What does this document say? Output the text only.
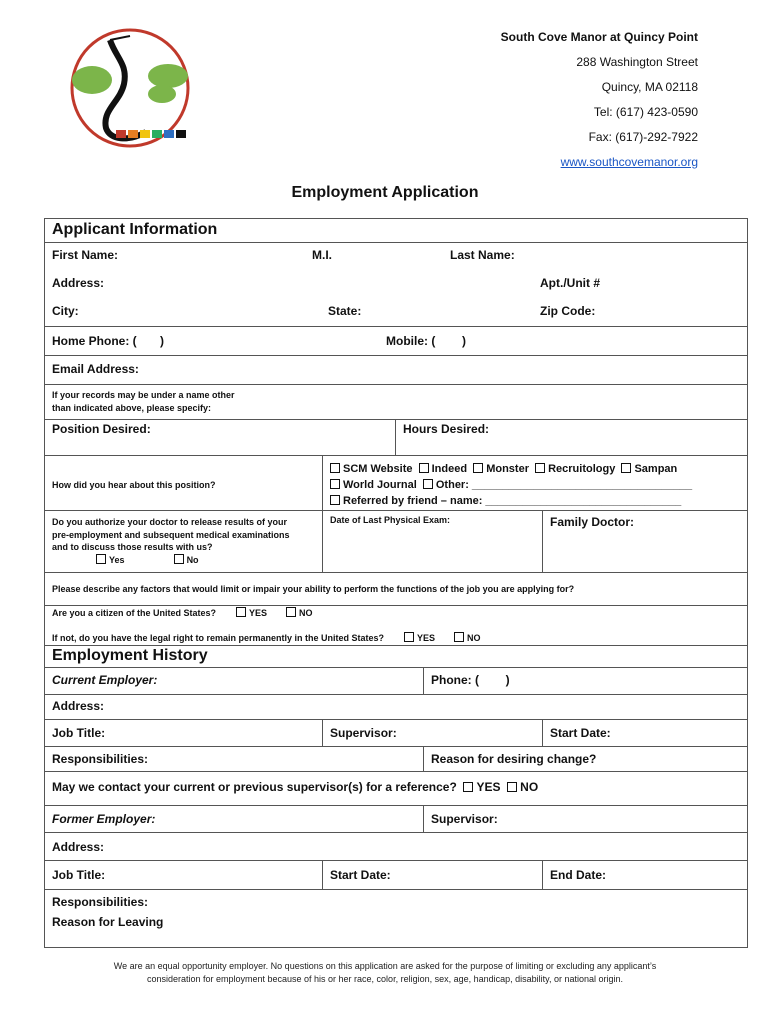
South Cove Manor at Quincy Point
288 Washington Street
Quincy, MA 02118
Tel: (617) 423-0590
Fax: (617)-292-7922
www.southcovemanor.org
Employment Application
Applicant Information
First Name:	M.I.	Last Name:
Address:	Apt./Unit #
City:	State:	Zip Code:
Home Phone: (       )	Mobile: (        )
Email Address:
If your records may be under a name other
than indicated above, please specify:
Position Desired:	Hours Desired:
How did you hear about this position?
SCM Website Indeed Monster Recruitology Sampan
World Journal Other: ____________________________________
Referred by friend – name: ________________________________
Do you authorize your doctor to release results of your
pre-employment and subsequent medical examinations
and to discuss those results with us?
Yes	No
Date of Last Physical Exam:	Family Doctor:
Please describe any factors that would limit or impair your ability to perform the functions of the job you are applying for?
Are you a citizen of the United States?	YES	NO
If not, do you have the legal right to remain permanently in the United States?	YES	NO
Employment History
Current Employer:	Phone: (        )
Address:
Job Title:	Supervisor:	Start Date:
Responsibilities:	Reason for desiring change?
May we contact your current or previous supervisor(s) for a reference? YES NO
Former Employer:	Supervisor:
Address:
Job Title:	Start Date:	End Date:
Responsibilities:
Reason for Leaving
We are an equal opportunity employer. No questions on this application are asked for the purpose of limiting or excluding any applicant’s
consideration for employment because of his or her race, color, religion, sex, age, handicap, disability, or national origin.
